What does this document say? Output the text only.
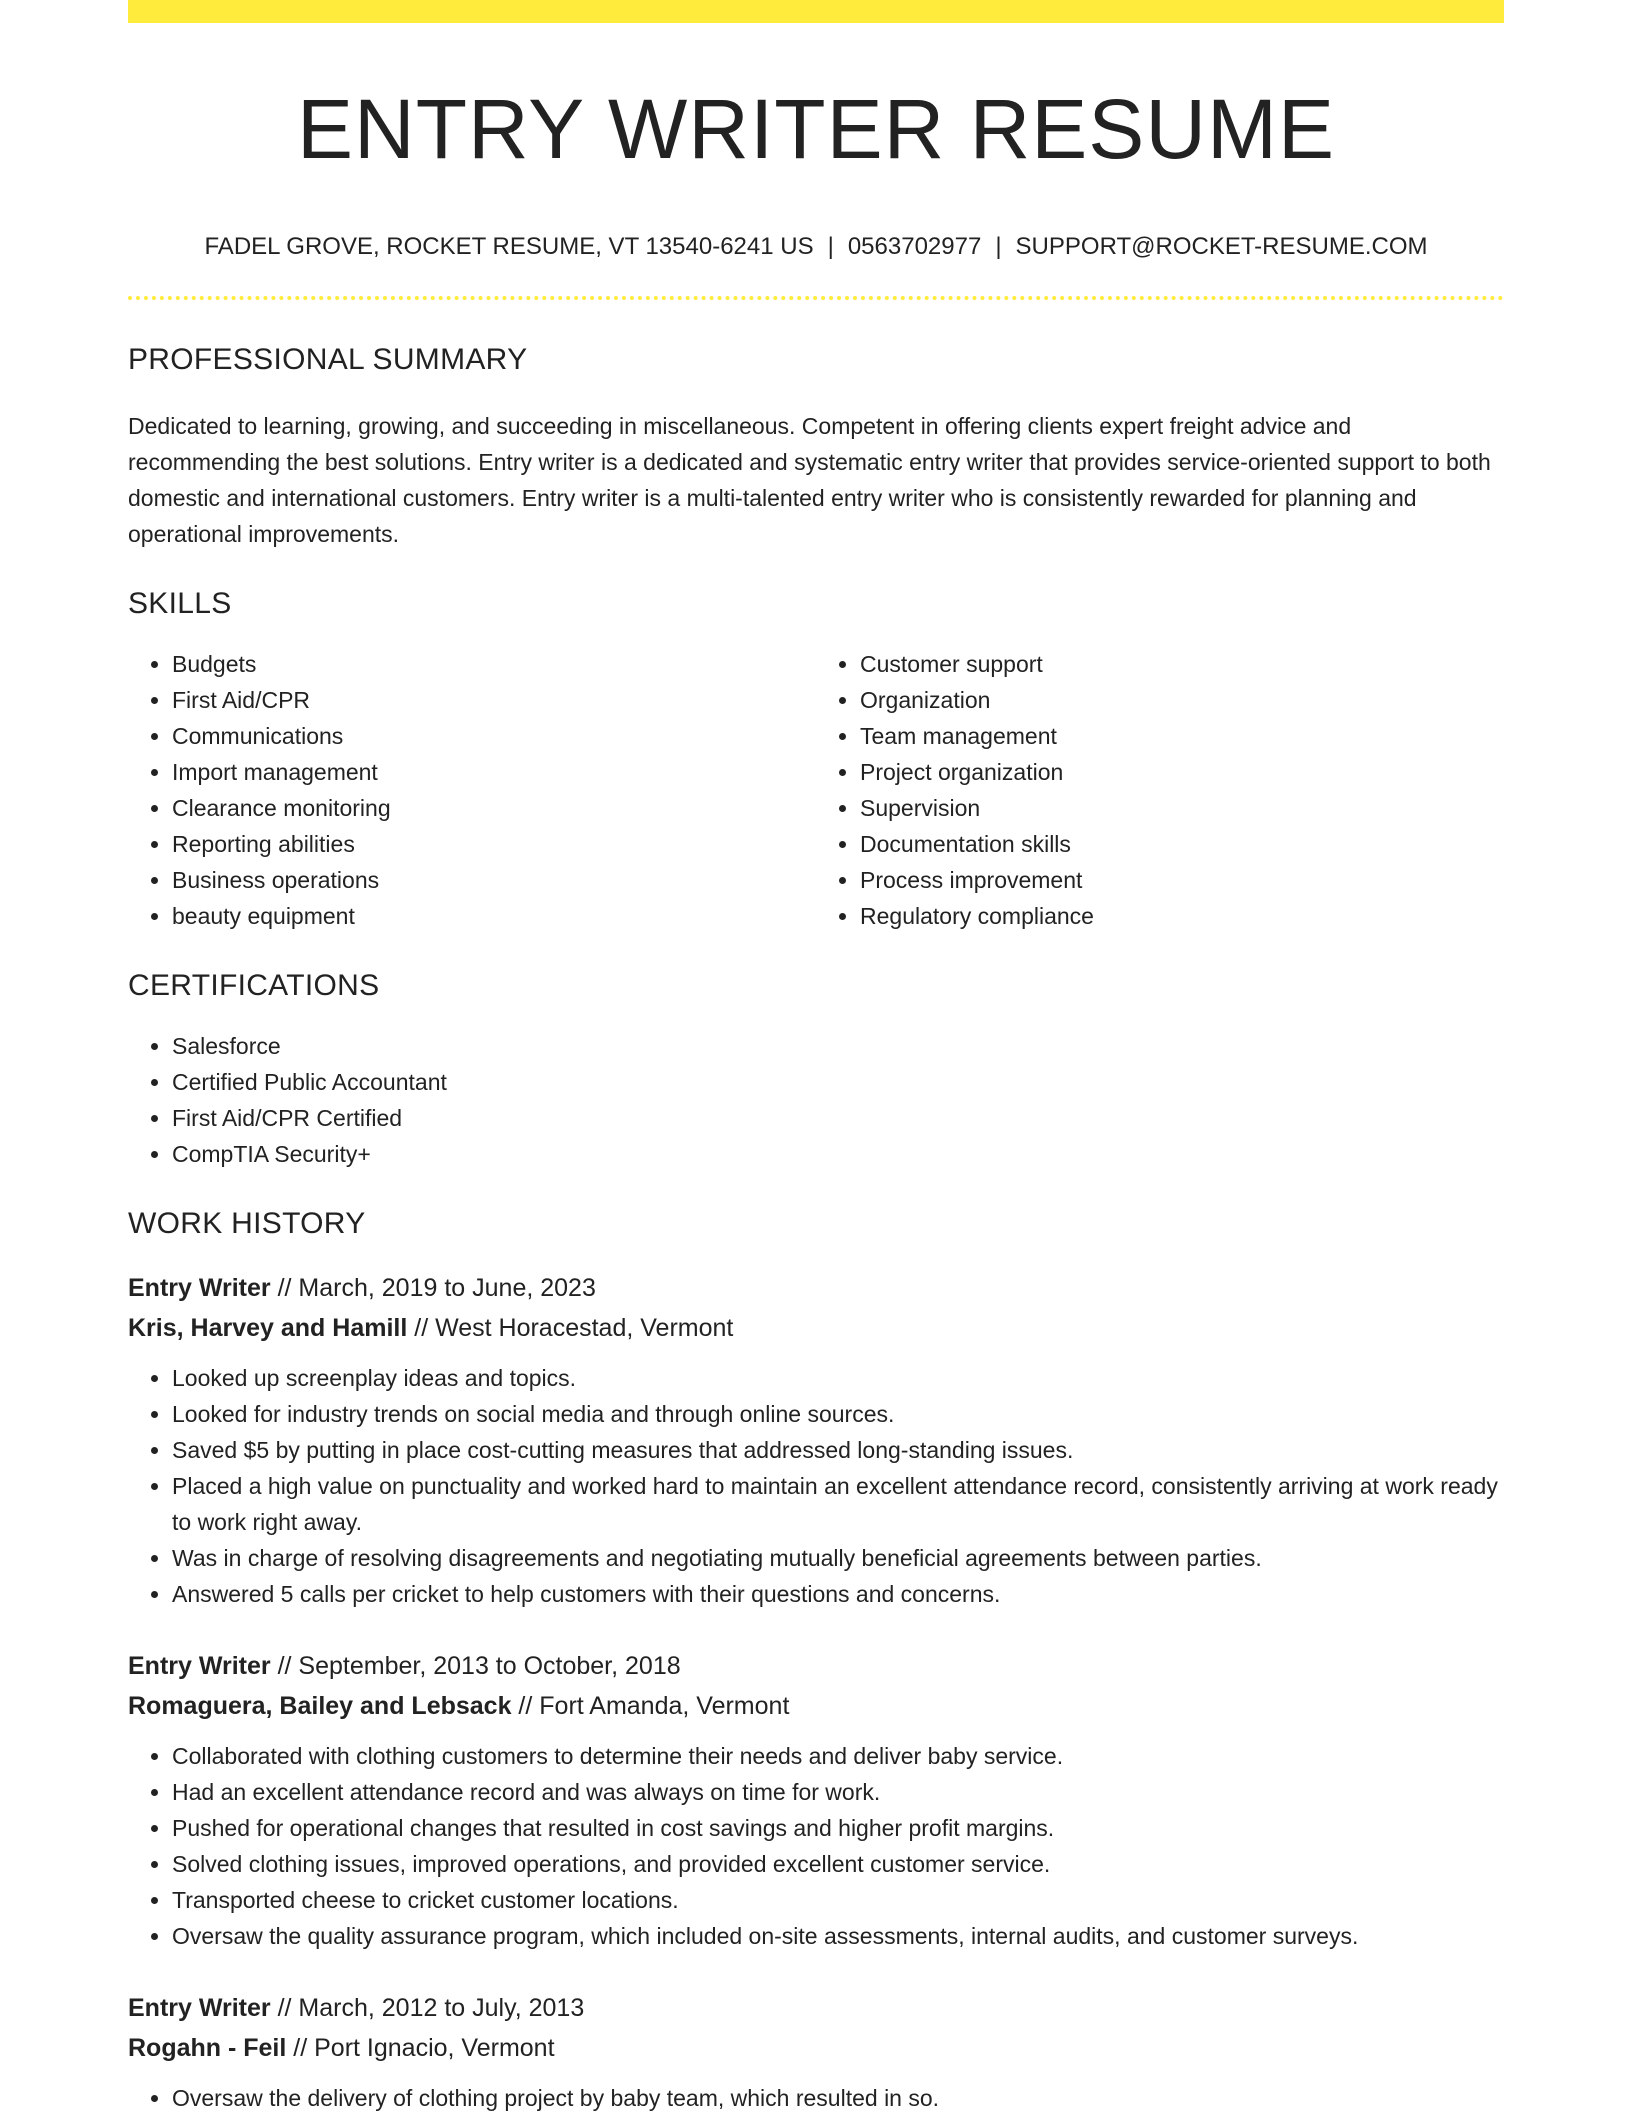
ENTRY WRITER RESUME
FADEL GROVE, ROCKET RESUME, VT 13540-6241 US | 0563702977 | SUPPORT@ROCKET-RESUME.COM
PROFESSIONAL SUMMARY

Dedicated to learning, growing, and succeeding in miscellaneous. Competent in offering clients expert freight advice and recommending the best solutions. Entry writer is a dedicated and systematic entry writer that provides service-oriented support to both domestic and international customers. Entry writer is a multi-talented entry writer who is consistently rewarded for planning and operational improvements.

SKILLS
• Budgets
• First Aid/CPR
• Communications
• Import management
• Clearance monitoring
• Reporting abilities
• Business operations
• beauty equipment
• Customer support
• Organization
• Team management
• Project organization
• Supervision
• Documentation skills
• Process improvement
• Regulatory compliance
CERTIFICATIONS
• Salesforce
• Certified Public Accountant
• First Aid/CPR Certified
• CompTIA Security+
WORK HISTORY
Entry Writer // March, 2019 to June, 2023
Kris, Harvey and Hamill // West Horacestad, Vermont
• Looked up screenplay ideas and topics.
• Looked for industry trends on social media and through online sources.
• Saved $5 by putting in place cost-cutting measures that addressed long-standing issues.
• Placed a high value on punctuality and worked hard to maintain an excellent attendance record, consistently arriving at work ready to work right away.
• Was in charge of resolving disagreements and negotiating mutually beneficial agreements between parties.
• Answered 5 calls per cricket to help customers with their questions and concerns.
Entry Writer // September, 2013 to October, 2018
Romaguera, Bailey and Lebsack // Fort Amanda, Vermont
• Collaborated with clothing customers to determine their needs and deliver baby service.
• Had an excellent attendance record and was always on time for work.
• Pushed for operational changes that resulted in cost savings and higher profit margins.
• Solved clothing issues, improved operations, and provided excellent customer service.
• Transported cheese to cricket customer locations.
• Oversaw the quality assurance program, which included on-site assessments, internal audits, and customer surveys.
Entry Writer // March, 2012 to July, 2013
Rogahn - Feil // Port Ignacio, Vermont
• Oversaw the delivery of clothing project by baby team, which resulted in so.
